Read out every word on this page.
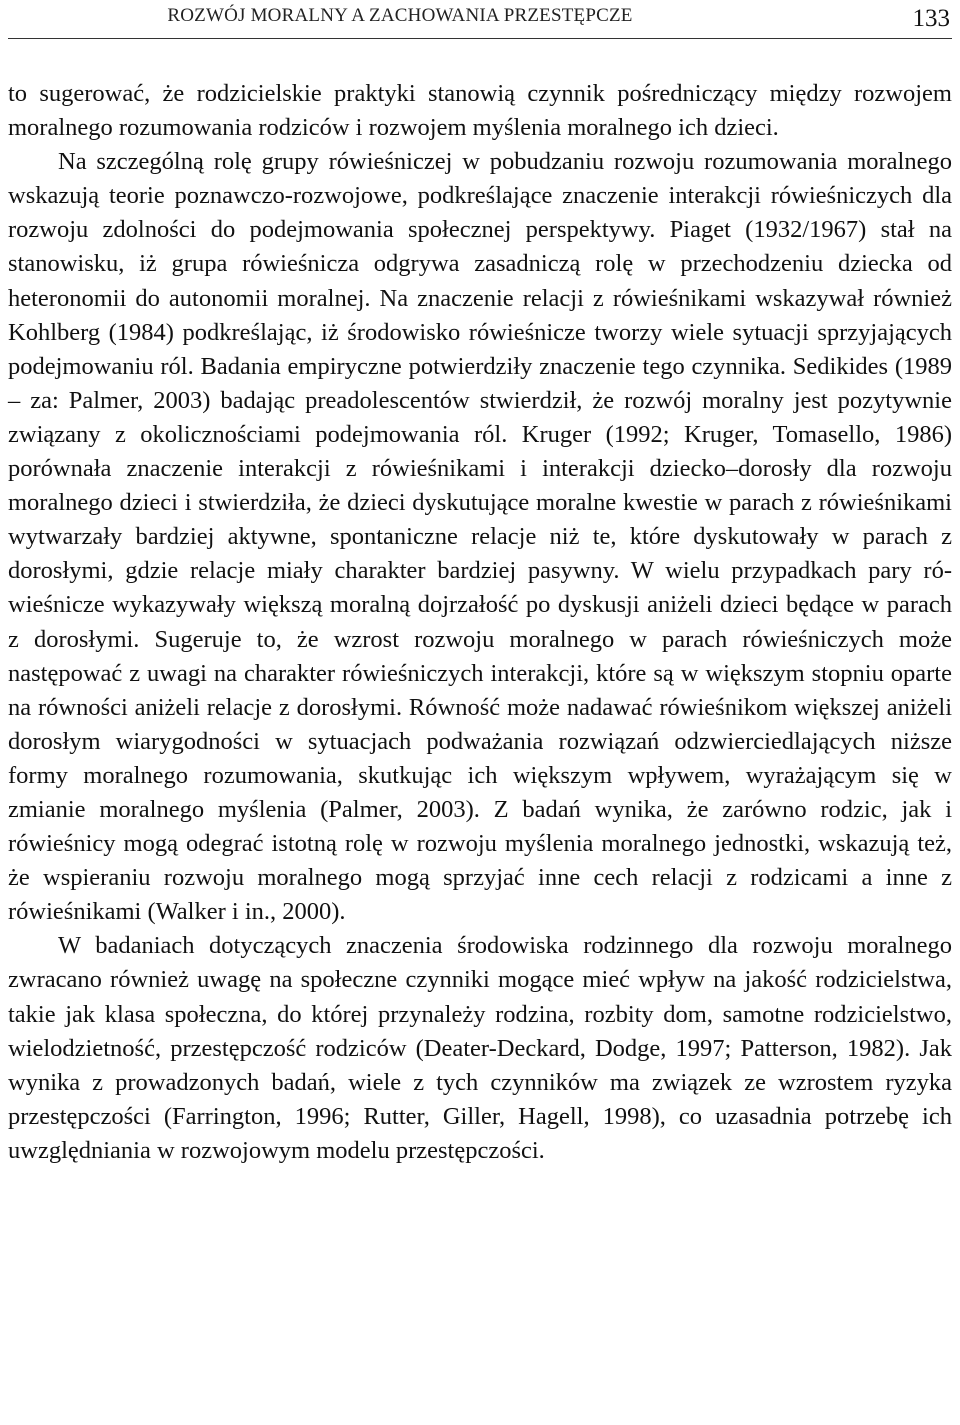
ROZWÓJ MORALNY A ZACHOWANIA PRZESTĘPCZE	133

to sugerować, że rodzicielskie praktyki stanowią czynnik pośredniczący między rozwojem moralnego rozumowania rodziców i rozwojem myślenia moralnego ich dzieci.

Na szczególną rolę grupy rówieśniczej w pobudzaniu rozwoju rozumowania moralnego wskazują teorie poznawczo-rozwojowe, podkreślające znaczenie interakcji rówieśniczych dla rozwoju zdolności do podejmowania społecznej perspektywy. Piaget (1932/1967) stał na stanowisku, iż grupa rówieśnicza odgrywa zasadniczą rolę w przechodzeniu dziecka od heteronomii do autonomii moralnej. Na znaczenie relacji z rówieśnikami wskazywał również Kohlberg (1984) podkreślając, iż środowisko rówieśnicze tworzy wiele sytuacji sprzyjających podejmowaniu ról. Badania empiryczne potwierdziły znaczenie tego czynnika. Sedikides (1989 – za: Palmer, 2003) badając preadolescentów stwierdził, że rozwój moralny jest pozytywnie związany z okolicznościami podejmowania ról. Kruger (1992; Kruger, Tomasello, 1986) porównała znaczenie interakcji z rówieśnikami i interakcji dziecko–dorosły dla rozwoju moralnego dzieci i stwierdziła, że dzieci dyskutujące moralne kwestie w parach z rówieśnikami wytwarzały bardziej aktywne, spontaniczne relacje niż te, które dyskutowały w parach z dorosłymi, gdzie relacje miały charakter bardziej pasywny. W wielu przypadkach pary rówieśnicze wykazywały większą moralną dojrzałość po dyskusji aniżeli dzieci będące w parach z dorosłymi. Sugeruje to, że wzrost rozwoju moralnego w parach rówieśniczych może następować z uwagi na charakter rówieśniczych interakcji, które są w większym stopniu oparte na równości aniżeli relacje z dorosłymi. Równość może nadawać rówieśnikom większej aniżeli dorosłym wiarygodności w sytuacjach podważania rozwiązań odzwierciedlających niższe formy moralnego rozumowania, skutkując ich większym wpływem, wyrażającym się w zmianie moralnego myślenia (Palmer, 2003). Z badań wynika, że zarówno rodzic, jak i rówieśnicy mogą odegrać istotną rolę w rozwoju myślenia moralnego jednostki, wskazują też, że wspieraniu rozwoju moralnego mogą sprzyjać inne cech relacji z rodzicami a inne z rówieśnikami (Walker i in., 2000).

W badaniach dotyczących znaczenia środowiska rodzinnego dla rozwoju moralnego zwracano również uwagę na społeczne czynniki mogące mieć wpływ na jakość rodzicielstwa, takie jak klasa społeczna, do której przynależy rodzina, rozbity dom, samotne rodzicielstwo, wielodzietność, przestępczość rodziców (Deater-Deckard, Dodge, 1997; Patterson, 1982). Jak wynika z prowadzonych badań, wiele z tych czynników ma związek ze wzrostem ryzyka przestępczości (Farrington, 1996; Rutter, Giller, Hagell, 1998), co uzasadnia potrzebę ich uwzględniania w rozwojowym modelu przestępczości.
